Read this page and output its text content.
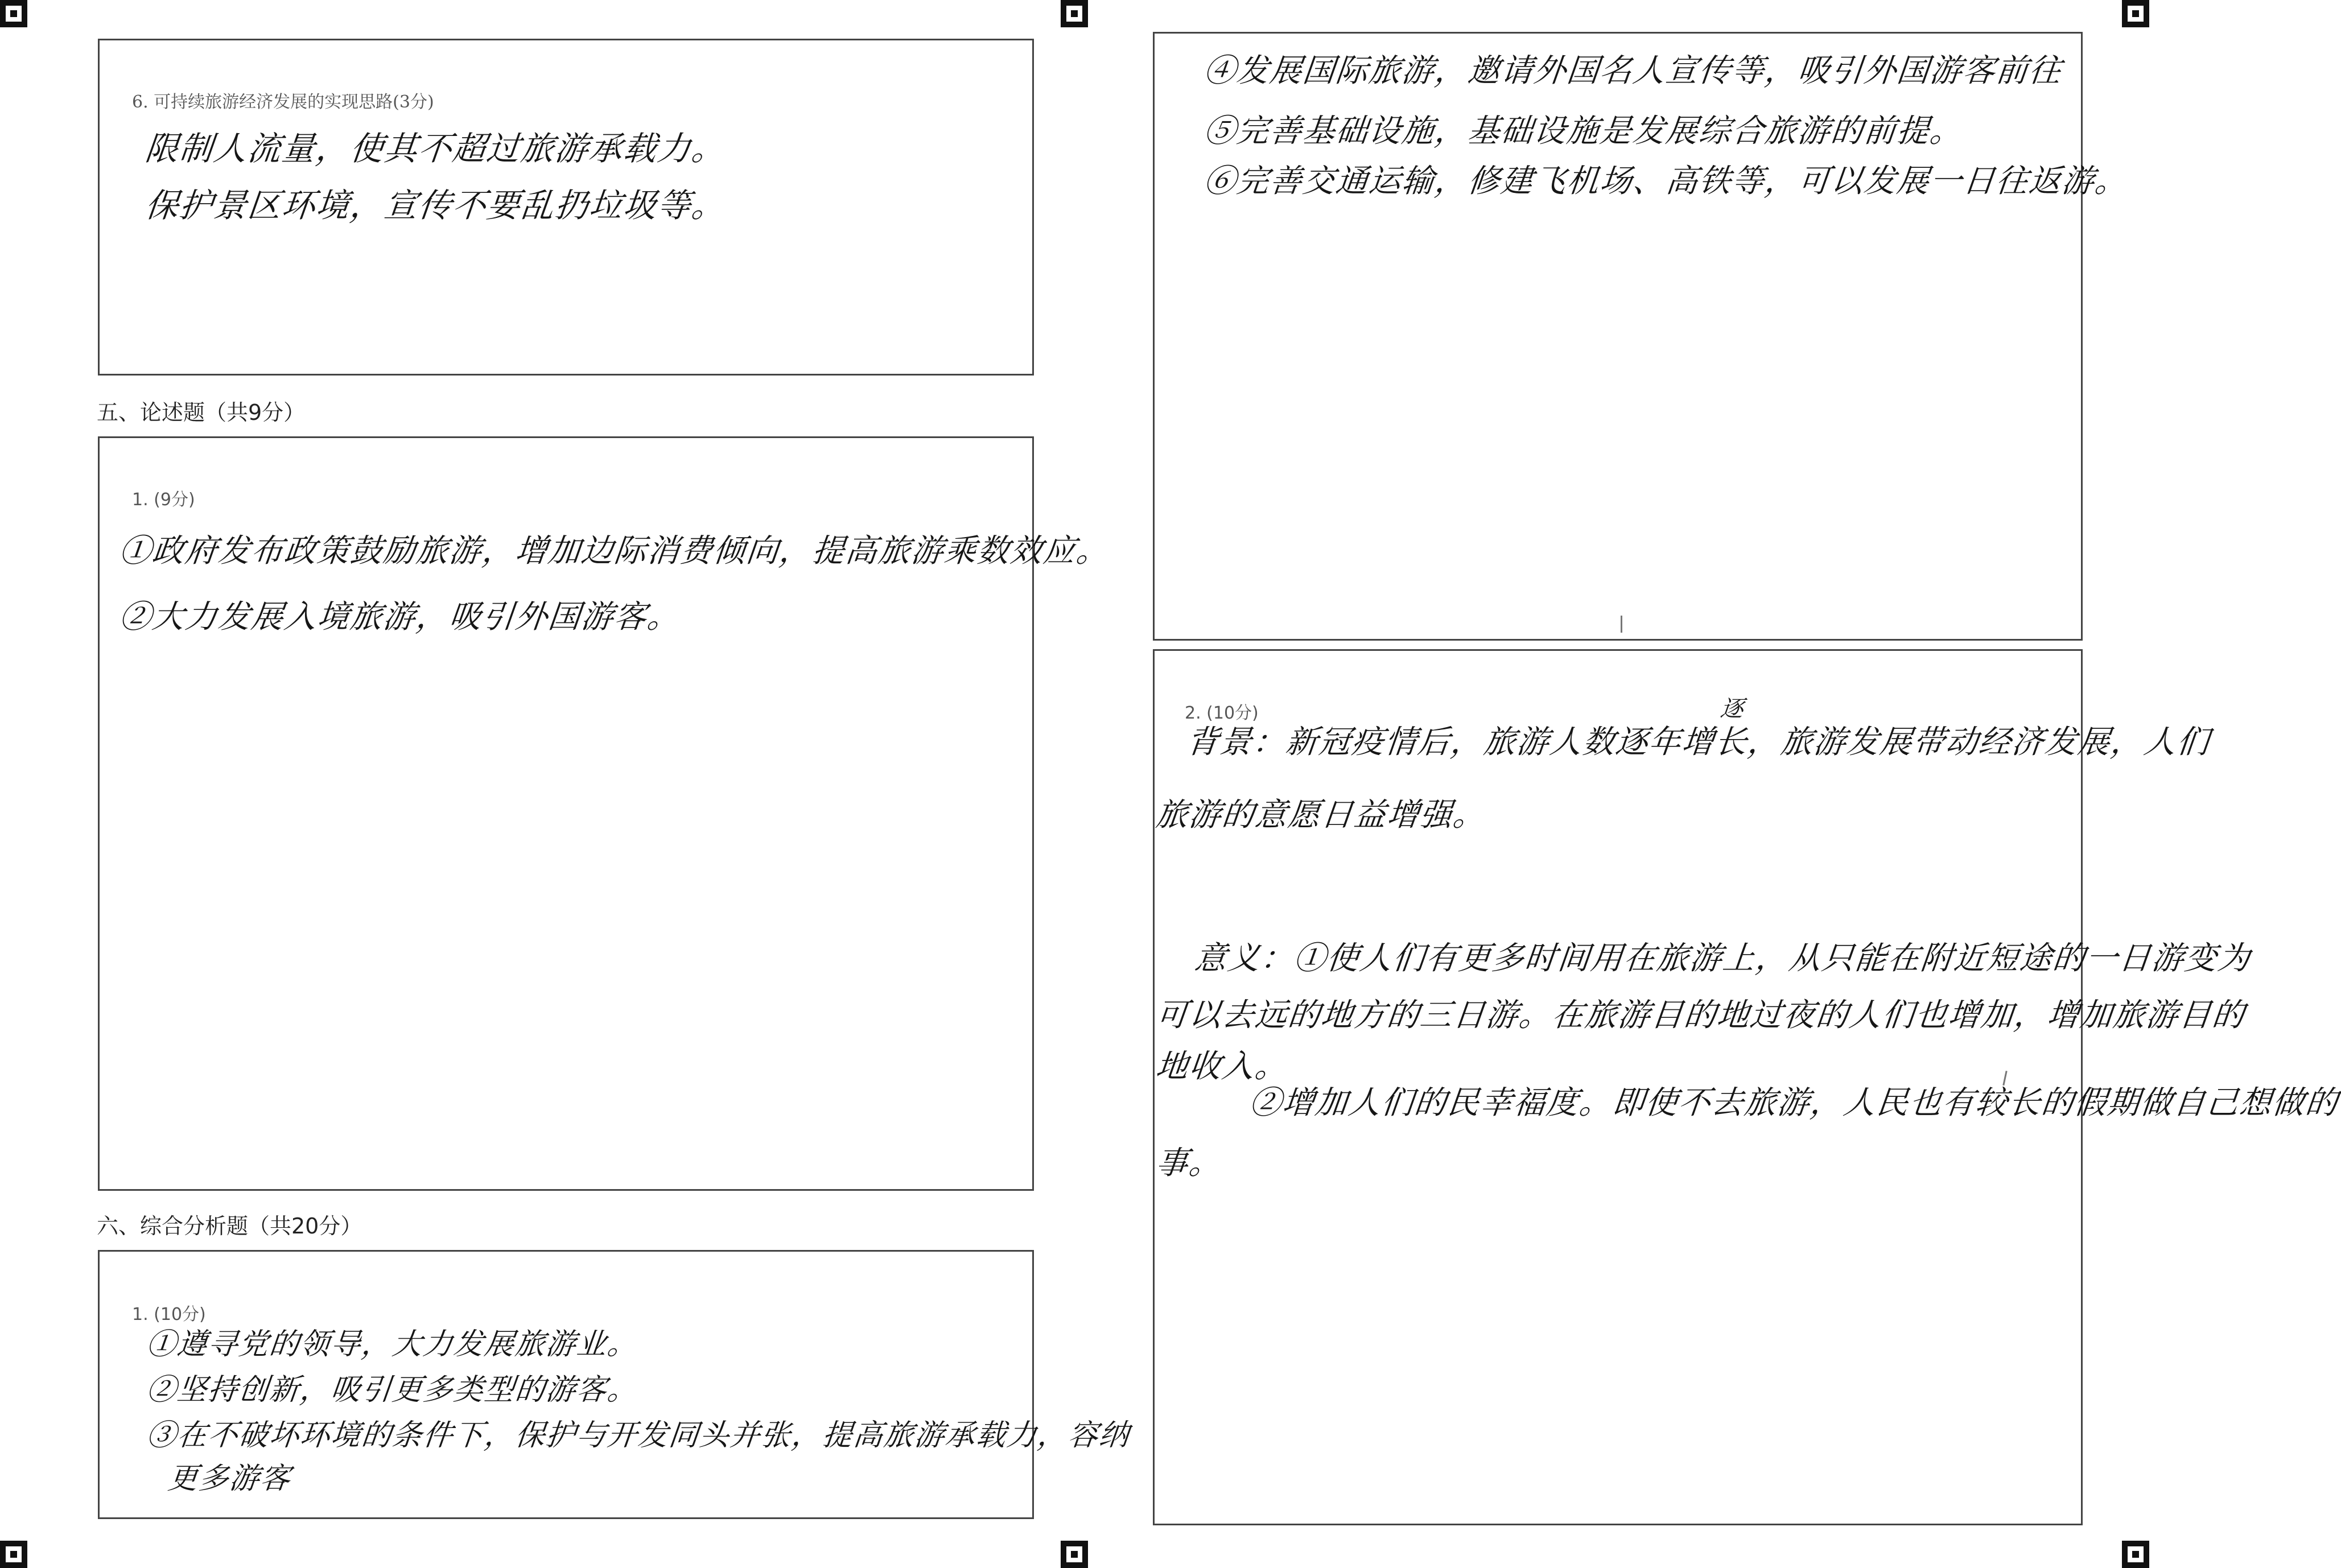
6. 可持续旅游经济发展的实现思路(3分)
限制人流量，使其不超过旅游承载力。
保护景区环境，宣传不要乱扔垃圾等。
五、论述题（共9分）
1. (9分)
①政府发布政策鼓励旅游，增加边际消费倾向，提高旅游乘数效应。
②大力发展入境旅游，吸引外国游客。
六、综合分析题（共20分）
1. (10分)
①遵寻党的领导，大力发展旅游业。
②坚持创新，吸引更多类型的游客。
③在不破坏环境的条件下，保护与开发同头并张，提高旅游承载力，容纳
更多游客
④发展国际旅游，邀请外国名人宣传等，吸引外国游客前往
⑤完善基础设施，基础设施是发展综合旅游的前提。
⑥完善交通运输，修建飞机场、高铁等，可以发展一日往返游。
2. (10分)	逐
背景：新冠疫情后，旅游人数逐年增长，旅游发展带动经济发展，人们
旅游的意愿日益增强。
意义：①使人们有更多时间用在旅游上，从只能在附近短途的一日游变为
可以去远的地方的三日游。在旅游目的地过夜的人们也增加，增加旅游目的
地收入。
②增加人们的民幸福度。即使不去旅游，人民也有较长的假期做自己想做的
事。
